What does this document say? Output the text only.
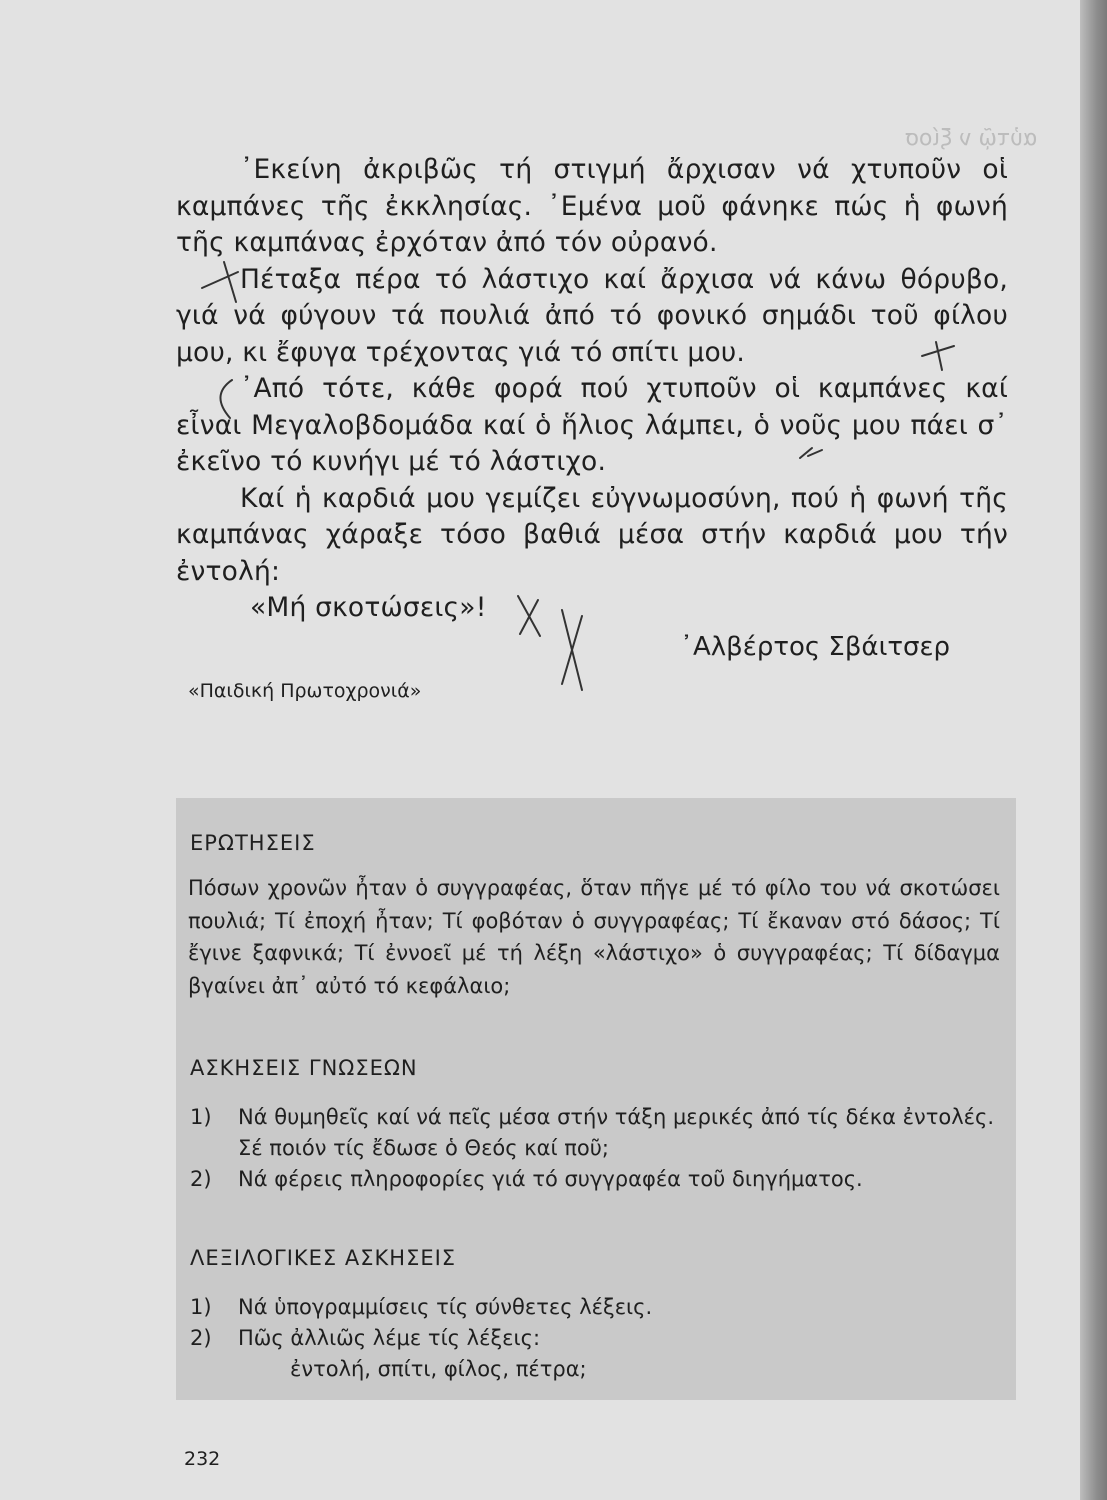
αὐτῷ ν ξίοσ

᾿Εκείνη ἀκριβῶς τή στιγμή ἄρχισαν νά χτυποῦν οἱ καμπάνες τῆς ἐκκλησίας. ᾿Εμένα μοῦ φάνηκε πώς ἡ φωνή τῆς καμπάνας ἐρχόταν ἀπό τόν οὐρανό.

Πέταξα πέρα τό λάστιχο καί ἄρχισα νά κάνω θόρυβο, γιά νά φύγουν τά πουλιά ἀπό τό φονικό σημάδι τοῦ φίλου μου, κι ἔφυγα τρέχοντας γιά τό σπίτι μου.

᾿Από τότε, κάθε φορά πού χτυποῦν οἱ καμπάνες καί εἶναι Μεγαλοβδομάδα καί ὁ ἥλιος λάμπει, ὁ νοῦς μου πάει σ᾿ ἐκεῖνο τό κυνήγι μέ τό λάστιχο.

Καί ἡ καρδιά μου γεμίζει εὐγνωμοσύνη, πού ἡ φωνή τῆς καμπάνας χάραξε τόσο βαθιά μέσα στήν καρδιά μου τήν ἐντολή:

«Μή σκοτώσεις»!

᾿Αλβέρτος Σβάιτσερ
«Παιδική Πρωτοχρονιά»
ΕΡΩΤΗΣΕΙΣ
Πόσων χρονῶν ἦταν ὁ συγγραφέας, ὅταν πῆγε μέ τό φίλο του νά σκοτώσει πουλιά; Τί ἐποχή ἦταν; Τί φοβόταν ὁ συγγραφέας; Τί ἔκαναν στό δάσος; Τί ἔγινε ξαφνικά; Τί ἐννοεῖ μέ τή λέξη «λάστιχο» ὁ συγγραφέας; Τί δίδαγμα βγαίνει ἀπ᾿ αὐτό τό κεφάλαιο;
ΑΣΚΗΣΕΙΣ ΓΝΩΣΕΩΝ
1)	Νά θυμηθεῖς καί νά πεῖς μέσα στήν τάξη μερικές ἀπό τίς δέκα ἐντολές. Σέ ποιόν τίς ἔδωσε ὁ Θεός καί ποῦ;
2)	Νά φέρεις πληροφορίες γιά τό συγγραφέα τοῦ διηγήματος.
ΛΕΞΙΛΟΓΙΚΕΣ ΑΣΚΗΣΕΙΣ
1)	Νά ὑπογραμμίσεις τίς σύνθετες λέξεις.
2)	Πῶς ἀλλιῶς λέμε τίς λέξεις:
ἐντολή, σπίτι, φίλος, πέτρα;
232
